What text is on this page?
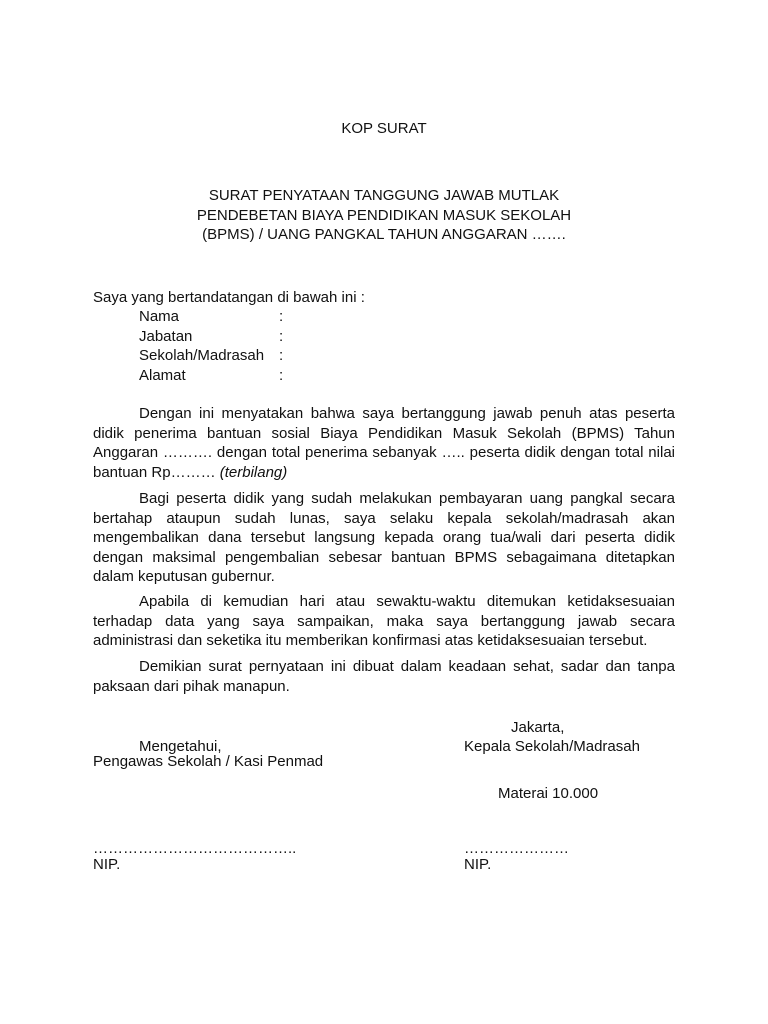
KOP SURAT
SURAT PENYATAAN TANGGUNG JAWAB MUTLAK
PENDEBETAN BIAYA PENDIDIKAN MASUK SEKOLAH
(BPMS) / UANG PANGKAL TAHUN ANGGARAN …….
Saya yang bertandatangan di bawah ini :
Nama	:
Jabatan	:
Sekolah/Madrasah :
Alamat	:
Dengan ini menyatakan bahwa saya bertanggung jawab penuh atas peserta didik penerima bantuan sosial Biaya Pendidikan Masuk Sekolah (BPMS) Tahun Anggaran ………. dengan total penerima sebanyak ….. peserta didik dengan total nilai bantuan Rp……… (terbilang)
Bagi peserta didik yang sudah melakukan pembayaran uang pangkal secara bertahap ataupun sudah lunas, saya selaku kepala sekolah/madrasah akan mengembalikan dana tersebut langsung kepada orang tua/wali dari peserta didik dengan maksimal pengembalian sebesar bantuan BPMS sebagaimana ditetapkan dalam keputusan gubernur.
Apabila di kemudian hari atau sewaktu-waktu ditemukan ketidaksesuaian terhadap data yang saya sampaikan, maka saya bertanggung jawab secara administrasi dan seketika itu memberikan konfirmasi atas ketidaksesuaian tersebut.
Demikian surat pernyataan ini dibuat dalam keadaan sehat, sadar dan tanpa paksaan dari pihak manapun.
Jakarta,
Mengetahui,	Kepala Sekolah/Madrasah
Pengawas Sekolah / Kasi Penmad
Materai 10.000
…………………………………..	…………………
NIP.	NIP.
